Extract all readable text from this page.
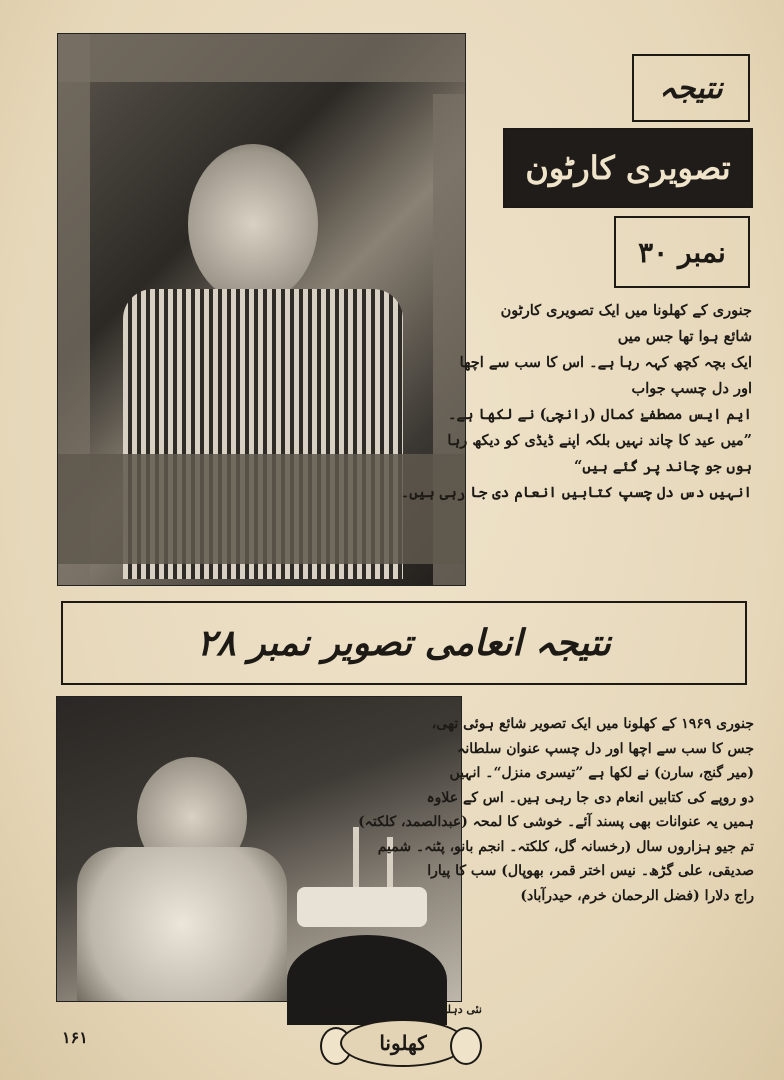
نتیجہ
تصویری کارٹون
نمبر ۳۰
جنوری کے کھلونا میں ایک تصویری کارٹون
شائع ہوا تھا جس میں
ایک بچہ کچھ کہہ رہا ہے۔ اس کا سب سے اچھا
اور دل چسپ جواب
ایم ایس مصطفےٰ کمال (رانچی) نے لکھا ہے۔
”میں عید کا چاند نہیں بلکہ اپنے ڈیڈی کو دیکھ رہا
ہوں جو چاند پر گئے ہیں“
انہیں دس دل چسپ کتابیں انعام دی جا رہی ہیں۔
نتیجہ انعامی تصویر نمبر ۲۸
جنوری ۱۹۶۹ کے کھلونا میں ایک تصویر شائع ہوئی تھی،
جس کا سب سے اچھا اور دل چسپ عنوان سلطانہ
(میر گنج، سارن) نے لکھا ہے ”تیسری منزل“۔ انہیں
دو روپے کی کتابیں انعام دی جا رہی ہیں۔ اس کے علاوہ
ہمیں یہ عنوانات بھی پسند آئے۔ خوشی کا لمحہ (عبدالصمد، کلکتہ)
تم جیو ہزاروں سال (رخسانہ گل، کلکتہ۔ انجم بانو، پٹنہ۔ شمیم
صدیقی، علی گڑھ۔ نیس اختر قمر، بھوپال) سب کا پیارا
راج دلارا (فضل الرحمان خرم، حیدرآباد)
۱۶۱
سالنامہ	نئی دہلی
کھلونا
